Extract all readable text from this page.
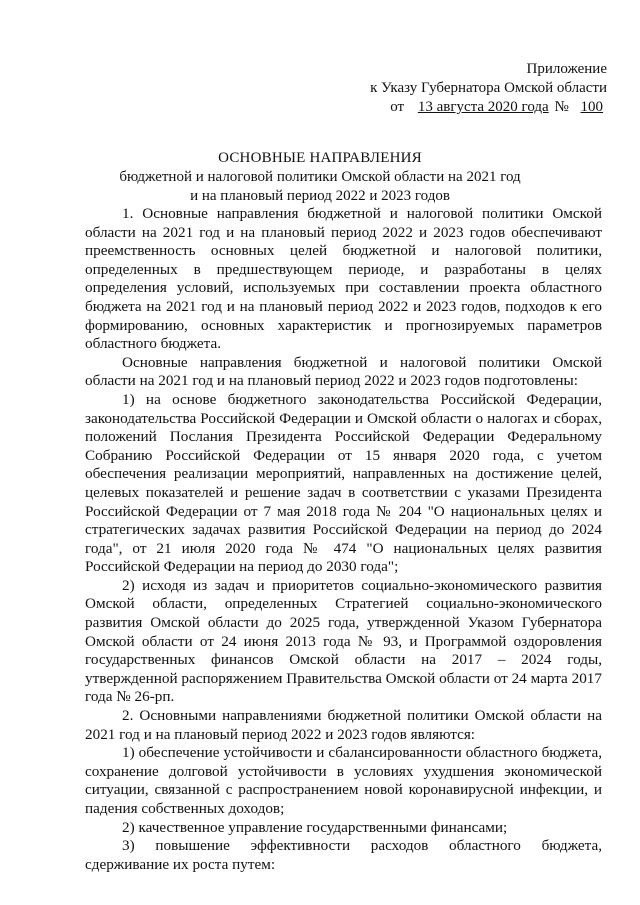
Приложение
к Указу Губернатора Омской области
от 13 августа 2020 года № 100
ОСНОВНЫЕ НАПРАВЛЕНИЯ
бюджетной и налоговой политики Омской области на 2021 год
и на плановый период 2022 и 2023 годов

1. Основные направления бюджетной и налоговой политики Омской области на 2021 год и на плановый период 2022 и 2023 годов обеспечивают преемственность основных целей бюджетной и налоговой политики, определенных в предшествующем периоде, и разработаны в целях определения условий, используемых при составлении проекта областного бюджета на 2021 год и на плановый период 2022 и 2023 годов, подходов к его формированию, основных характеристик и прогнозируемых параметров областного бюджета.

Основные направления бюджетной и налоговой политики Омской области на 2021 год и на плановый период 2022 и 2023 годов подготовлены:

1) на основе бюджетного законодательства Российской Федерации, законодательства Российской Федерации и Омской области о налогах и сборах, положений Послания Президента Российской Федерации Федеральному Собранию Российской Федерации от 15 января 2020 года, с учетом обеспечения реализации мероприятий, направленных на достижение целей, целевых показателей и решение задач в соответствии с указами Президента Российской Федерации от 7 мая 2018 года № 204 "О национальных целях и стратегических задачах развития Российской Федерации на период до 2024 года", от 21 июля 2020 года № 474 "О национальных целях развития Российской Федерации на период до 2030 года";

2) исходя из задач и приоритетов социально-экономического развития Омской области, определенных Стратегией социально-экономического развития Омской области до 2025 года, утвержденной Указом Губернатора Омской области от 24 июня 2013 года № 93, и Программой оздоровления государственных финансов Омской области на 2017 – 2024 годы, утвержденной распоряжением Правительства Омской области от 24 марта 2017 года № 26-рп.

2. Основными направлениями бюджетной политики Омской области на 2021 год и на плановый период 2022 и 2023 годов являются:

1) обеспечение устойчивости и сбалансированности областного бюджета, сохранение долговой устойчивости в условиях ухудшения экономической ситуации, связанной с распространением новой коронавирусной инфекции, и падения собственных доходов;

2) качественное управление государственными финансами;

3) повышение эффективности расходов областного бюджета, сдерживание их роста путем:
